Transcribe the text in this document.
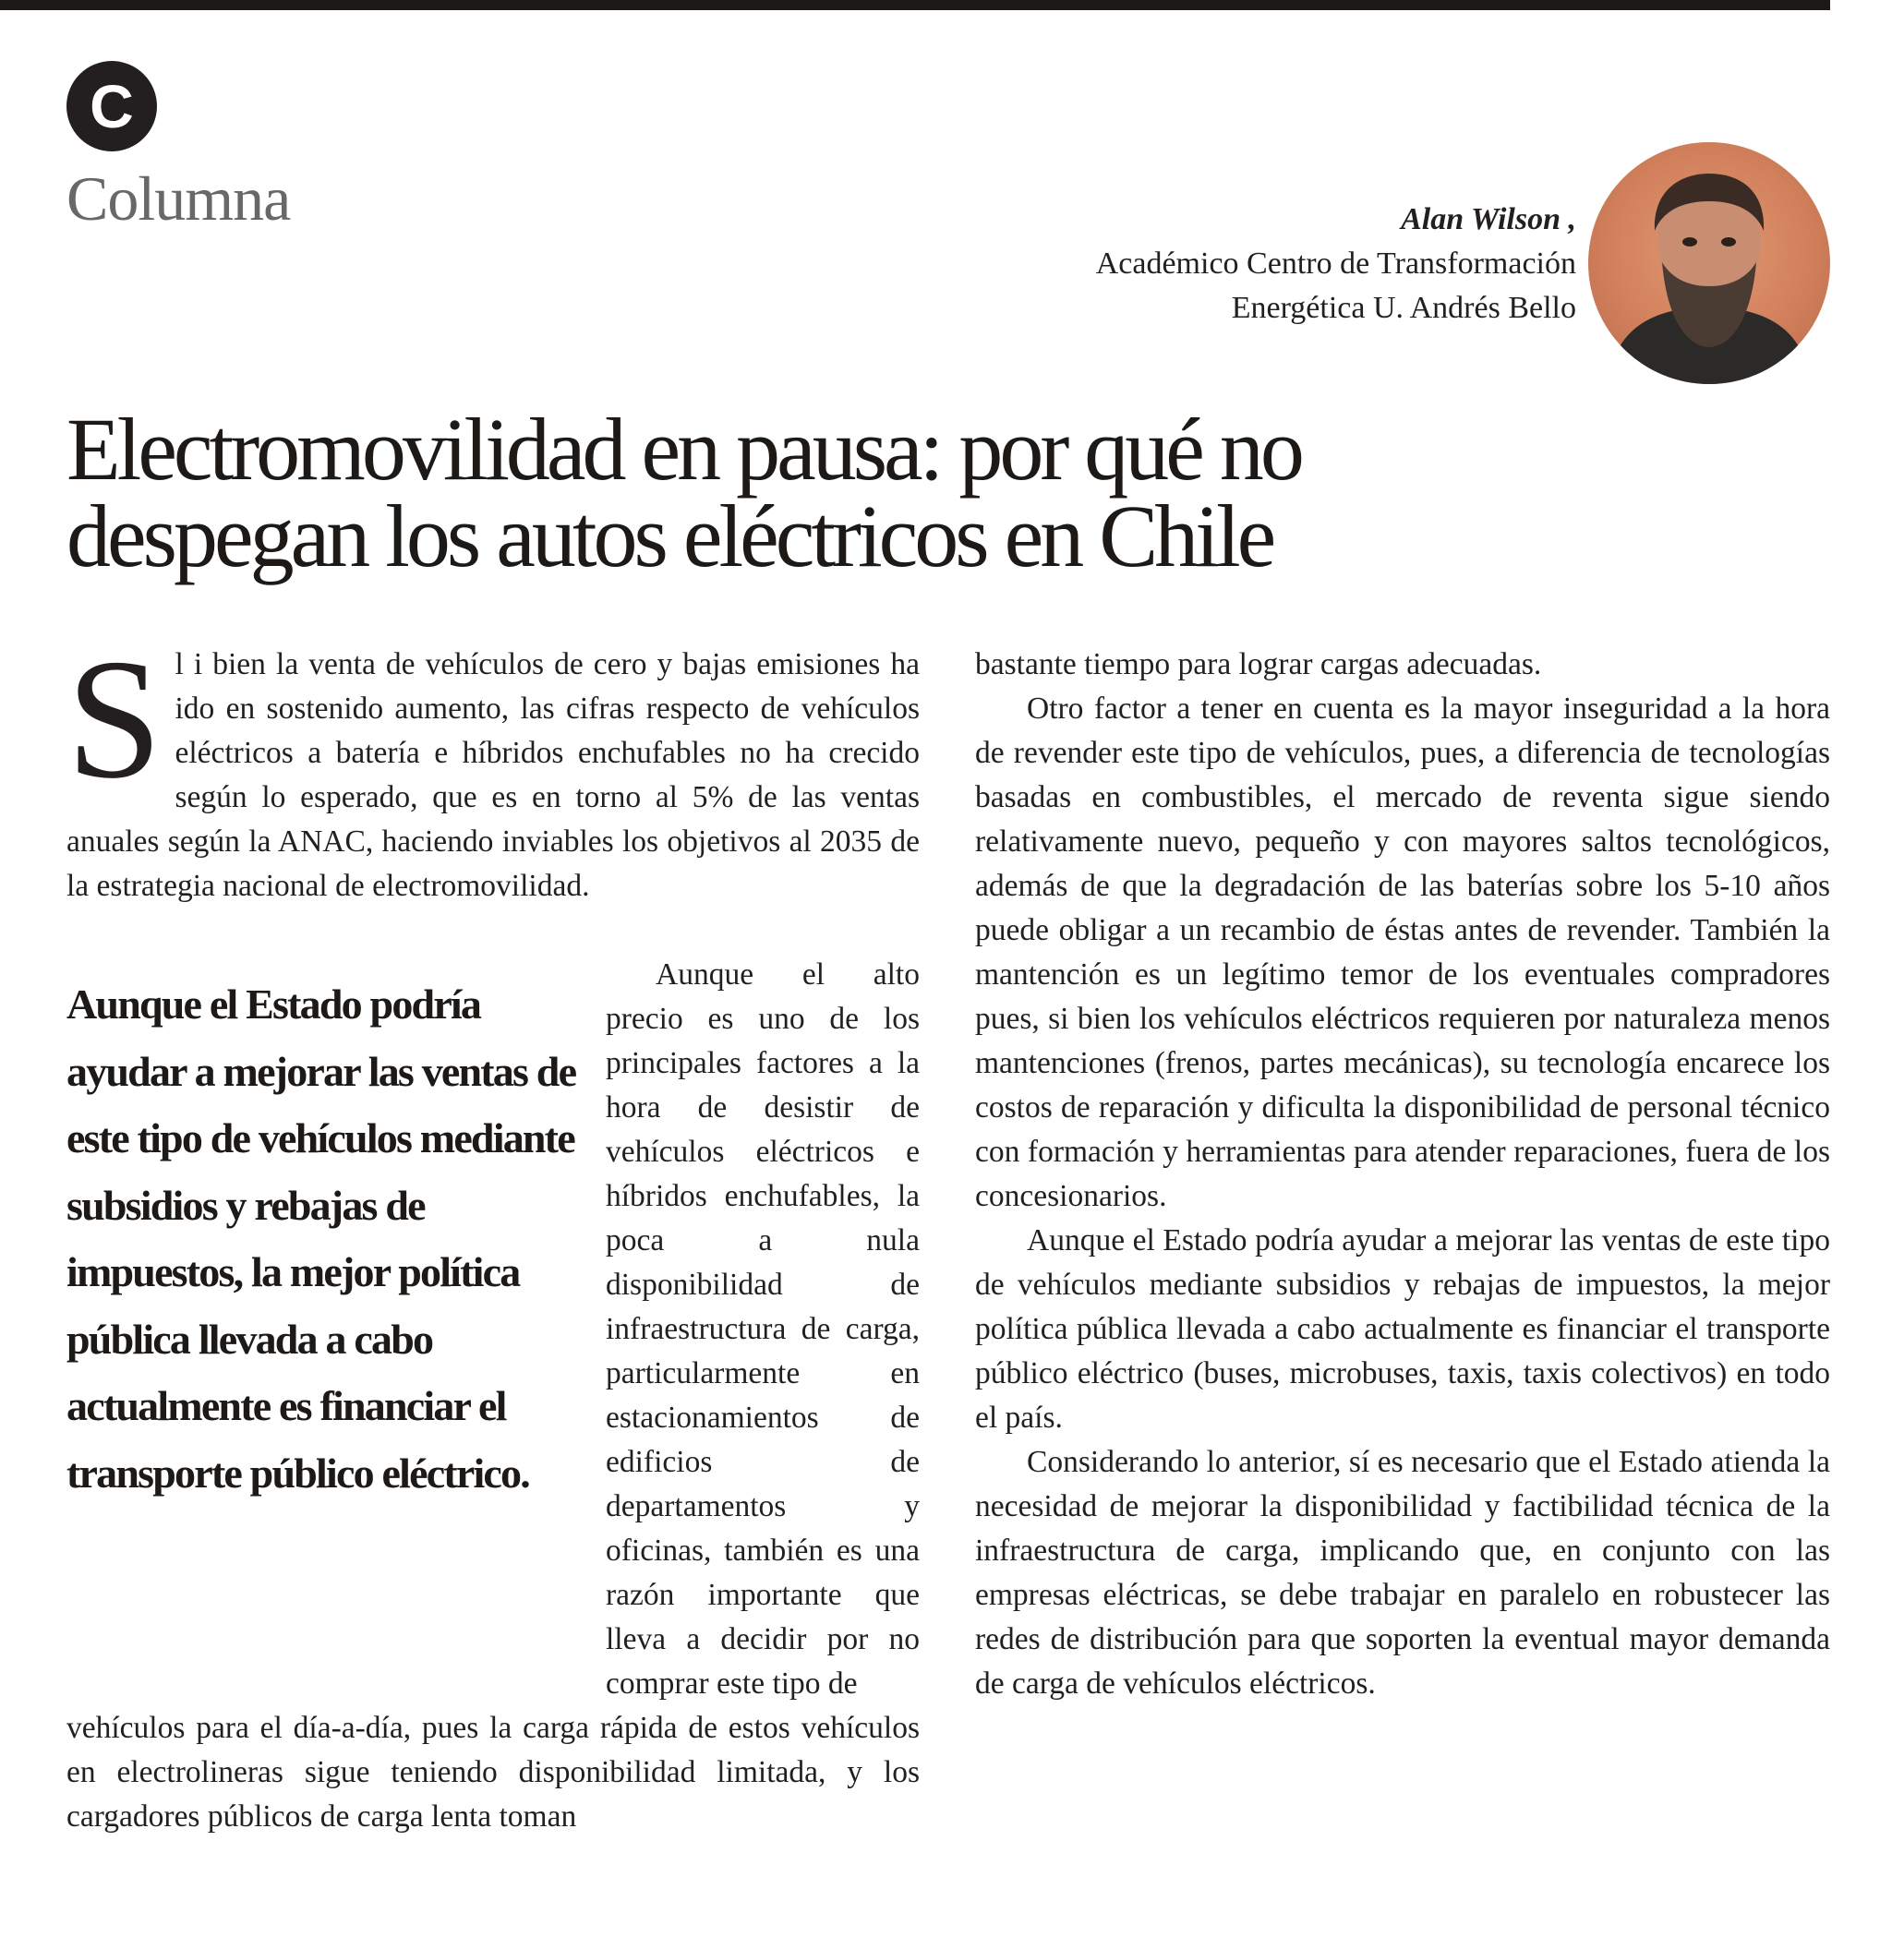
C
Columna	Alan Wilson ,
Académico Centro de Transformación
Energética U. Andrés Bello
Electromovilidad en pausa: por qué no despegan los autos eléctricos en Chile
S l i bien la venta de vehículos de cero y bajas emisiones ha ido en sostenido aumento, las cifras respecto de vehículos eléctricos a batería e híbridos enchufables no ha crecido según lo esperado, que es en torno al 5% de las ventas anuales según la ANAC, haciendo inviables los objetivos al 2035 de la estrategia nacional de electromovilidad.

Aunque el Estado podría ayudar a mejorar las ventas de este tipo de vehículos mediante subsidios y rebajas de impuestos, la mejor política pública llevada a cabo actualmente es financiar el transporte público eléctrico.

Aunque el alto precio es uno de los principales factores a la hora de desistir de vehículos eléctricos e híbridos enchufables, la poca a nula disponibilidad de infraestructura de carga, particularmente en estacionamientos de edificios de departamentos y oficinas, también es una razón importante que lleva a decidir por no comprar este tipo de

vehículos para el día-a-día, pues la carga rápida de estos vehículos en electrolineras sigue teniendo disponibilidad limitada, y los cargadores públicos de carga lenta toman

bastante tiempo para lograr cargas adecuadas.

Otro factor a tener en cuenta es la mayor inseguridad a la hora de revender este tipo de vehículos, pues, a diferencia de tecnologías basadas en combustibles, el mercado de reventa sigue siendo relativamente nuevo, pequeño y con mayores saltos tecnológicos, además de que la degradación de las baterías sobre los 5-10 años puede obligar a un recambio de éstas antes de revender. También la mantención es un legítimo temor de los eventuales compradores pues, si bien los vehículos eléctricos requieren por naturaleza menos mantenciones (frenos, partes mecánicas), su tecnología encarece los costos de reparación y dificulta la disponibilidad de personal técnico con formación y herramientas para atender reparaciones, fuera de los concesionarios.

Aunque el Estado podría ayudar a mejorar las ventas de este tipo de vehículos mediante subsidios y rebajas de impuestos, la mejor política pública llevada a cabo actualmente es financiar el transporte público eléctrico (buses, microbuses, taxis, taxis colectivos) en todo el país.

Considerando lo anterior, sí es necesario que el Estado atienda la necesidad de mejorar la disponibilidad y factibilidad técnica de la infraestructura de carga, implicando que, en conjunto con las empresas eléctricas, se debe trabajar en paralelo en robustecer las redes de distribución para que soporten la eventual mayor demanda de carga de vehículos eléctricos.
